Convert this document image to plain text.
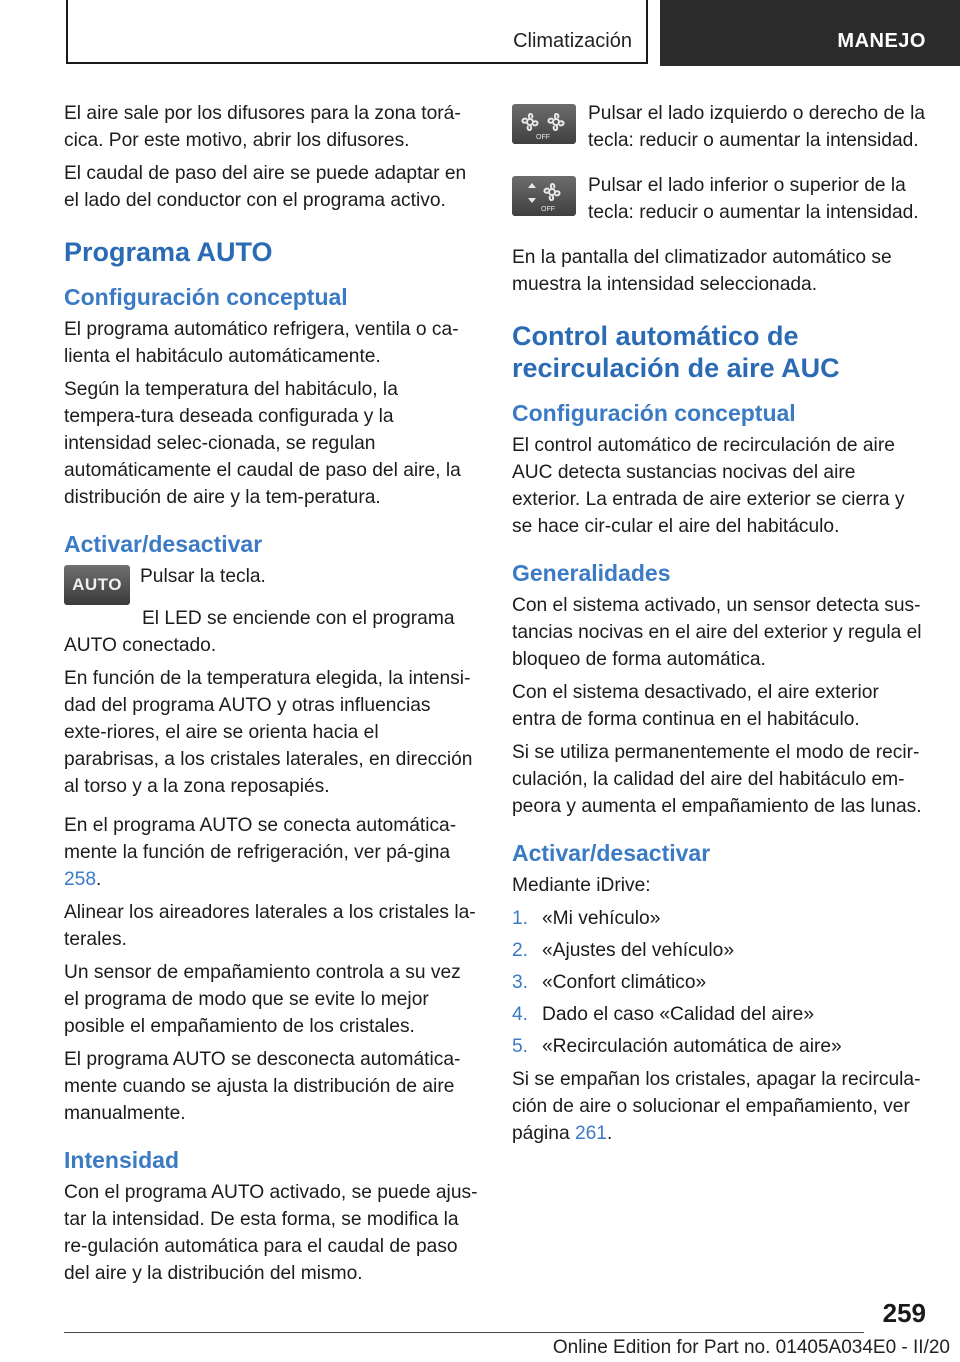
Climatización	MANEJO

El aire sale por los difusores para la zona torá-cica. Por este motivo, abrir los difusores.

El caudal de paso del aire se puede adaptar en el lado del conductor con el programa activo.

Programa AUTO
Configuración conceptual

El programa automático refrigera, ventila o ca-lienta el habitáculo automáticamente.

Según la temperatura del habitáculo, la tempera-tura deseada configurada y la intensidad selec-cionada, se regulan automáticamente el caudal de paso del aire, la distribución de aire y la tem-peratura.

Activar/desactivar
AUTO Pulsar la tecla.

El LED se enciende con el programa AUTO conectado.

En función de la temperatura elegida, la intensi-dad del programa AUTO y otras influencias exte-riores, el aire se orienta hacia el parabrisas, a los cristales laterales, en dirección al torso y a la zona reposapiés.

En el programa AUTO se conecta automática-mente la función de refrigeración, ver pá-gina 258.

Alinear los aireadores laterales a los cristales la-terales.

Un sensor de empañamiento controla a su vez el programa de modo que se evite lo mejor posible el empañamiento de los cristales.

El programa AUTO se desconecta automática-mente cuando se ajusta la distribución de aire manualmente.

Intensidad

Con el programa AUTO activado, se puede ajus-tar la intensidad. De esta forma, se modifica la re-gulación automática para el caudal de paso del aire y la distribución del mismo.

OFF

Pulsar el lado izquierdo o derecho de la tecla: reducir o aumentar la intensidad.

OFF

Pulsar el lado inferior o superior de la tecla: reducir o aumentar la intensidad.

En la pantalla del climatizador automático se muestra la intensidad seleccionada.

Control automático de recirculación de aire AUC
Configuración conceptual

El control automático de recirculación de aire AUC detecta sustancias nocivas del aire exterior. La entrada de aire exterior se cierra y se hace cir-cular el aire del habitáculo.

Generalidades

Con el sistema activado, un sensor detecta sus-tancias nocivas en el aire del exterior y regula el bloqueo de forma automática.

Con el sistema desactivado, el aire exterior entra de forma continua en el habitáculo.

Si se utiliza permanentemente el modo de recir-culación, la calidad del aire del habitáculo em-peora y aumenta el empañamiento de las lunas.

Activar/desactivar

Mediante iDrive:

1. «Mi vehículo»
2. «Ajustes del vehículo»
3. «Confort climático»
4. Dado el caso «Calidad del aire»
5. «Recirculación automática de aire»

Si se empañan los cristales, apagar la recircula-ción de aire o solucionar el empañamiento, ver página 261.

259
Online Edition for Part no. 01405A034E0 - II/20
